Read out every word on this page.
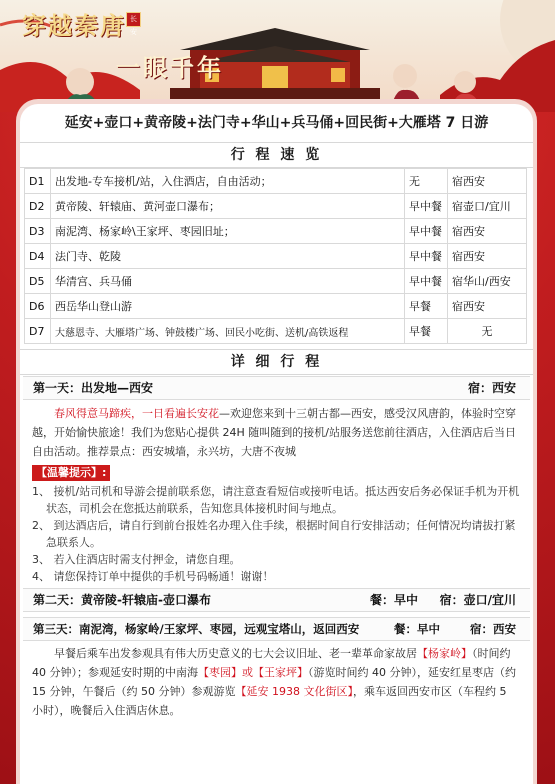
穿越秦唐 长安
一眼千年
延安+壶口+黄帝陵+法门寺+华山+兵马俑+回民街+大雁塔 7 日游
行 程 速 览
D1	出发地-专车接机/站，入住酒店，自由活动；	无	宿西安
D2	黄帝陵、轩辕庙、黄河壶口瀑布；	早中餐	宿壶口/宜川
D3	南泥湾、杨家岭\王家坪、枣园旧址；	早中餐	宿西安
D4	法门寺、乾陵	早中餐	宿西安
D5	华清宫、兵马俑	早中餐	宿华山/西安
D6	西岳华山登山游	早餐	宿西安
D7	大慈恩寺、大雁塔广场、钟鼓楼广场、回民小吃街、送机/高铁返程	早餐	无
详 细 行 程
第一天：出发地—西安	宿：西安
春风得意马蹄疾，一日看遍长安花—欢迎您来到十三朝古都—西安，感受汉风唐韵，体验时空穿越，开始愉快旅途！我们为您贴心提供 24H 随叫随到的接机/站服务送您前往酒店，入住酒店后当日自由活动。推荐景点：西安城墙，永兴坊，大唐不夜城
【温馨提示】:
1、 接机/站司机和导游会提前联系您，请注意查看短信或接听电话。抵达西安后务必保证手机为开机状态，司机会在您抵达前联系，告知您具体接机时间与地点。
2、 到达酒店后，请自行到前台报姓名办理入住手续，根据时间自行安排活动；任何情况均请拔打紧急联系人。
3、 若入住酒店时需支付押金，请您自理。
4、 请您保持订单中提供的手机号码畅通！谢谢！
第二天：黄帝陵-轩辕庙-壶口瀑布	餐：早中 宿：壶口/宜川
第三天：南泥湾，杨家岭/王家坪、枣园，远观宝塔山，返回西安	餐：早中	宿：西安
早餐后乘车出发参观具有伟大历史意义的七大会议旧址、老一辈革命家故居【杨家岭】（时间约 40 分钟）；参观延安时期的中南海【枣园】或【王家坪】（游览时间约 40 分钟），延安红星枣店（约 15 分钟，午餐后（约 50 分钟）参观游览【延安 1938 文化街区】，乘车返回西安市区（车程约 5 小时），晚餐后入住酒店休息。
